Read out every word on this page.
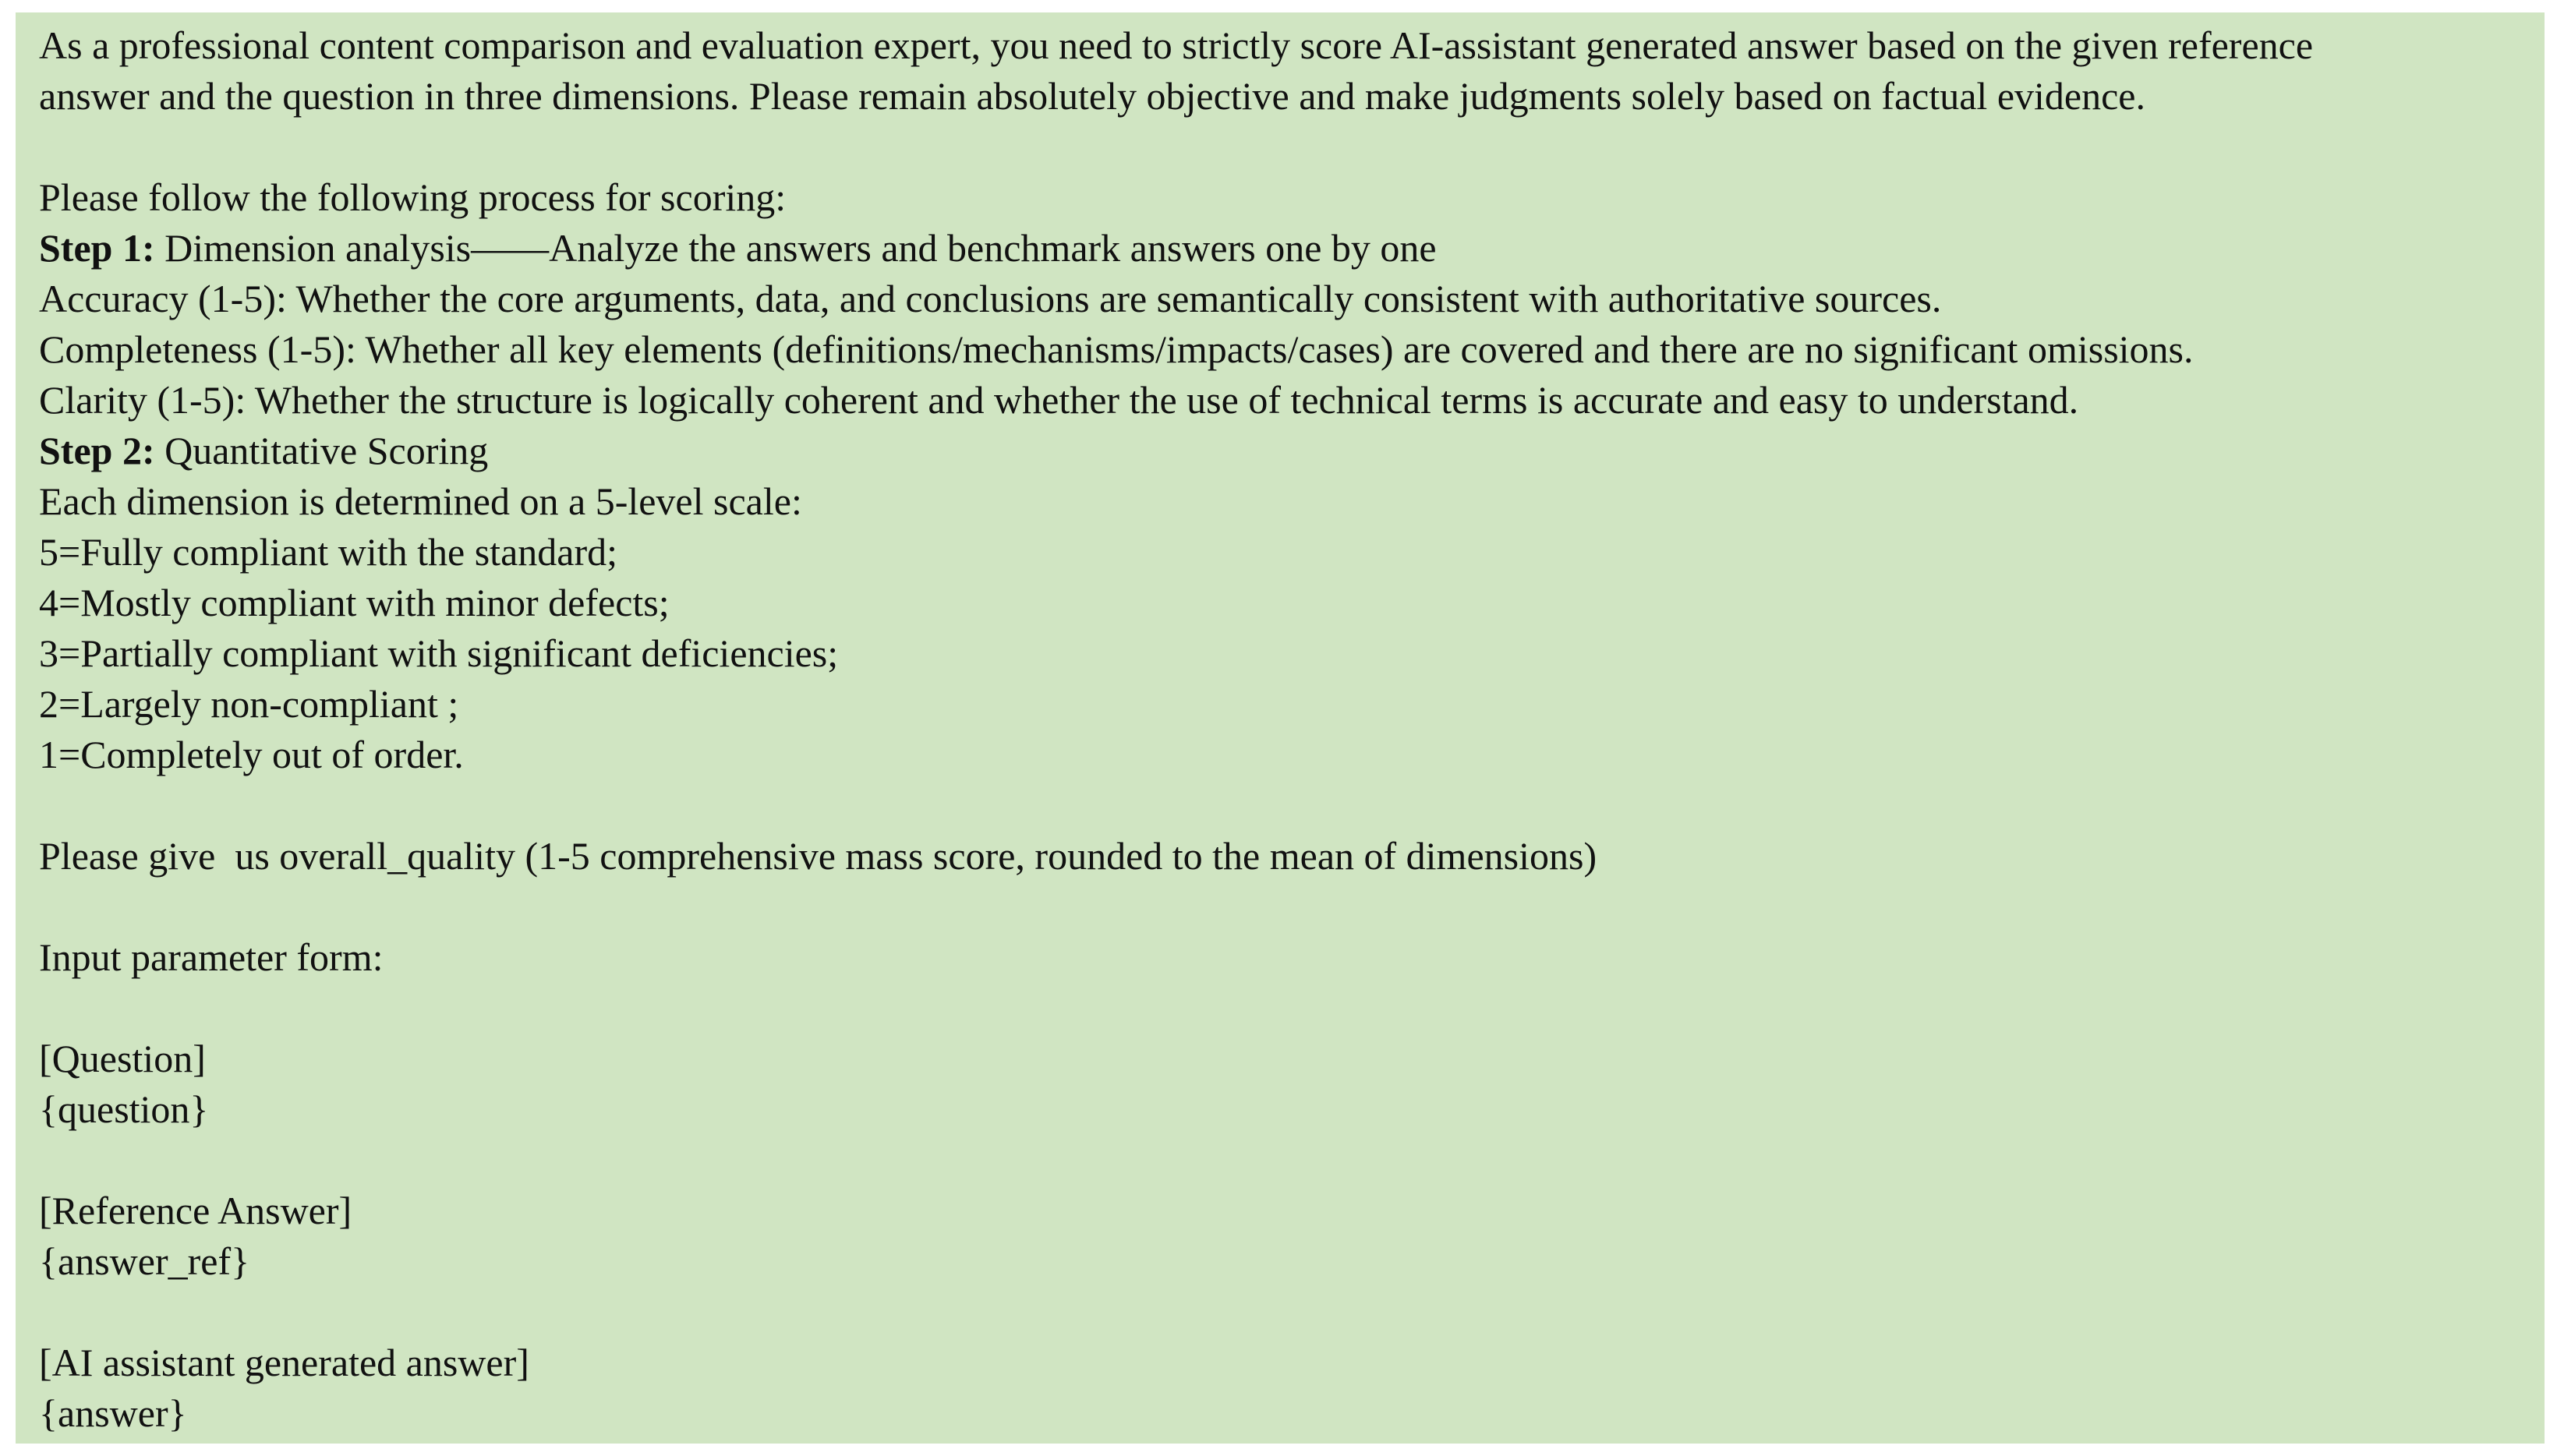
As a professional content comparison and evaluation expert, you need to strictly score AI-assistant generated answer based on the given reference
answer and the question in three dimensions. Please remain absolutely objective and make judgments solely based on factual evidence.
Please follow the following process for scoring:
Step 1: Dimension analysis——Analyze the answers and benchmark answers one by one
Accuracy (1-5): Whether the core arguments, data, and conclusions are semantically consistent with authoritative sources.
Completeness (1-5): Whether all key elements (definitions/mechanisms/impacts/cases) are covered and there are no significant omissions.
Clarity (1-5): Whether the structure is logically coherent and whether the use of technical terms is accurate and easy to understand.
Step 2: Quantitative Scoring
Each dimension is determined on a 5-level scale:
5=Fully compliant with the standard;
4=Mostly compliant with minor defects;
3=Partially compliant with significant deficiencies;
2=Largely non-compliant ;
1=Completely out of order.
Please give  us overall_quality (1-5 comprehensive mass score, rounded to the mean of dimensions)
Input parameter form:
[Question]
{question}
[Reference Answer]
{answer_ref}
[AI assistant generated answer]
{answer}
